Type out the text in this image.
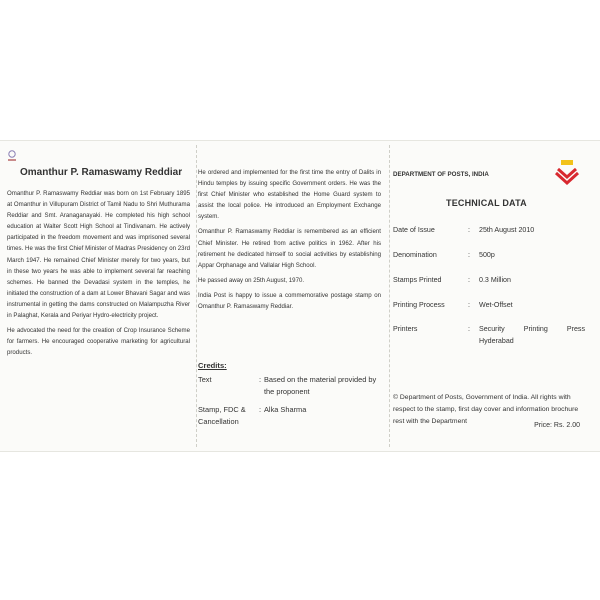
Omanthur P. Ramaswamy Reddiar

Omanthur P. Ramaswamy Reddiar was born on 1st February 1895 at Omanthur in Villupuram District of Tamil Nadu to Shri Muthurama Reddiar and Smt. Aranaganayaki. He completed his high school education at Walter Scott High School at Tindivanam. He actively participated in the freedom movement and was imprisoned several times. He was the first Chief Minister of Madras Presidency on 23rd March 1947. He remained Chief Minister merely for two years, but in these two years he was able to implement several far reaching schemes. He banned the Devadasi system in the temples, he initiated the construction of a dam at Lower Bhavani Sagar and was instrumental in getting the dams constructed on Malampuzha River in Palaghat, Kerala and Periyar Hydro-electricity project.

He advocated the need for the creation of Crop Insurance Scheme for farmers. He encouraged cooperative marketing for agricultural products.

He ordered and implemented for the first time the entry of Dalits in Hindu temples by issuing specific Government orders. He was the first Chief Minister who established the Home Guard system to assist the local police. He introduced an Employment Exchange system.

Omanthur P. Ramaswamy Reddiar is remembered as an efficient Chief Minister. He retired from active politics in 1962. After his retirement he dedicated himself to social activities by establishing Appar Orphanage and Vallalar High School.

He passed away on 25th August, 1970.

India Post is happy to issue a commemorative postage stamp on Omanthur P. Ramaswamy Reddiar.

Credits:
Text	: Based on the material provided by the proponent
Stamp, FDC & Cancellation
: Alka Sharma
DEPARTMENT OF POSTS, INDIA
TECHNICAL DATA
Date of Issue	: 25th August 2010
Denomination	: 500p
Stamps Printed	: 0.3 Million
Printing Process	: Wet-Offset
Printers	: Security Printing Press
Hyderabad
© Department of Posts, Government of India. All rights with respect to the stamp, first day cover and information brochure rest with the Department
Price: Rs. 2.00
